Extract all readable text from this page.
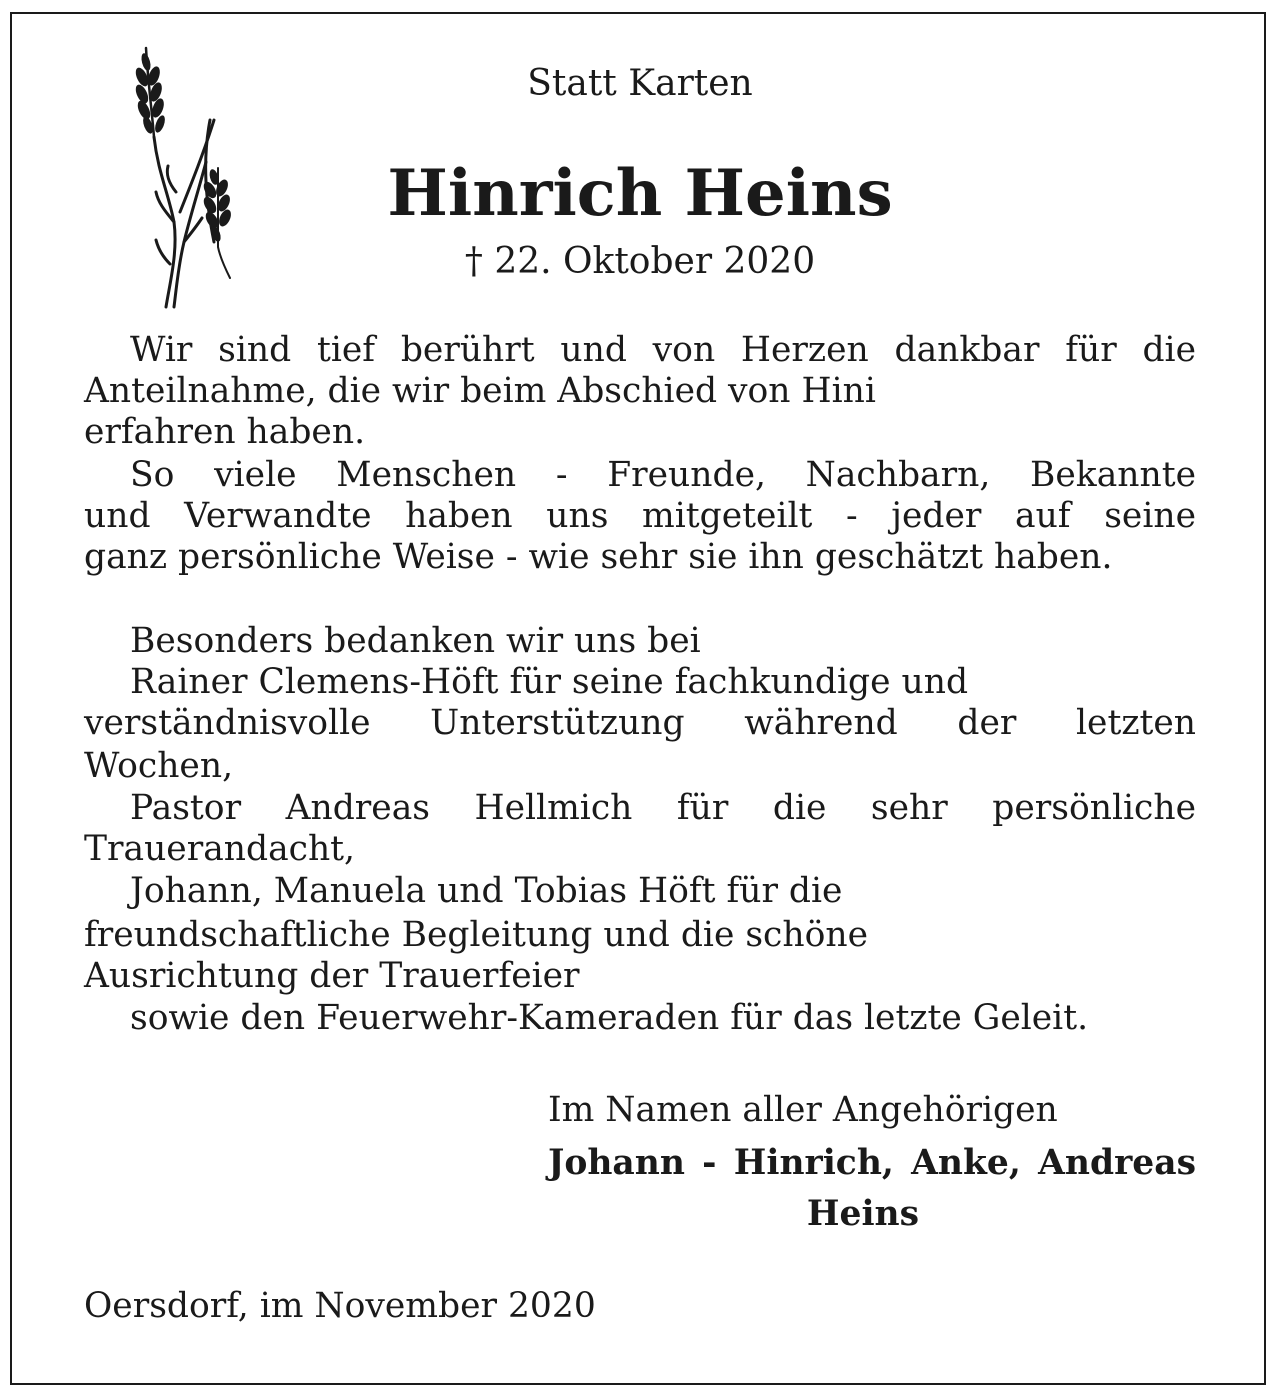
Statt Karten

Hinrich Heins

† 22. Oktober 2020

Wir sind tief berührt und von Herzen dankbar für die

Anteilnahme, die wir beim Abschied von Hini

erfahren haben.

So viele Menschen - Freunde, Nachbarn, Bekannte

und Verwandte haben uns mitgeteilt - jeder auf seine

ganz persönliche Weise - wie sehr sie ihn geschätzt haben.

Besonders bedanken wir uns bei

Rainer Clemens-Höft für seine fachkundige und

verständnisvolle Unterstützung während der letzten

Wochen,

Pastor Andreas Hellmich für die sehr persönliche

Trauerandacht,

Johann, Manuela und Tobias Höft für die

freundschaftliche Begleitung und die schöne

Ausrichtung der Trauerfeier

sowie den Feuerwehr-Kameraden für das letzte Geleit.

Im Namen aller Angehörigen

Johann - Hinrich, Anke, Andreas

Heins

Oersdorf, im November 2020
